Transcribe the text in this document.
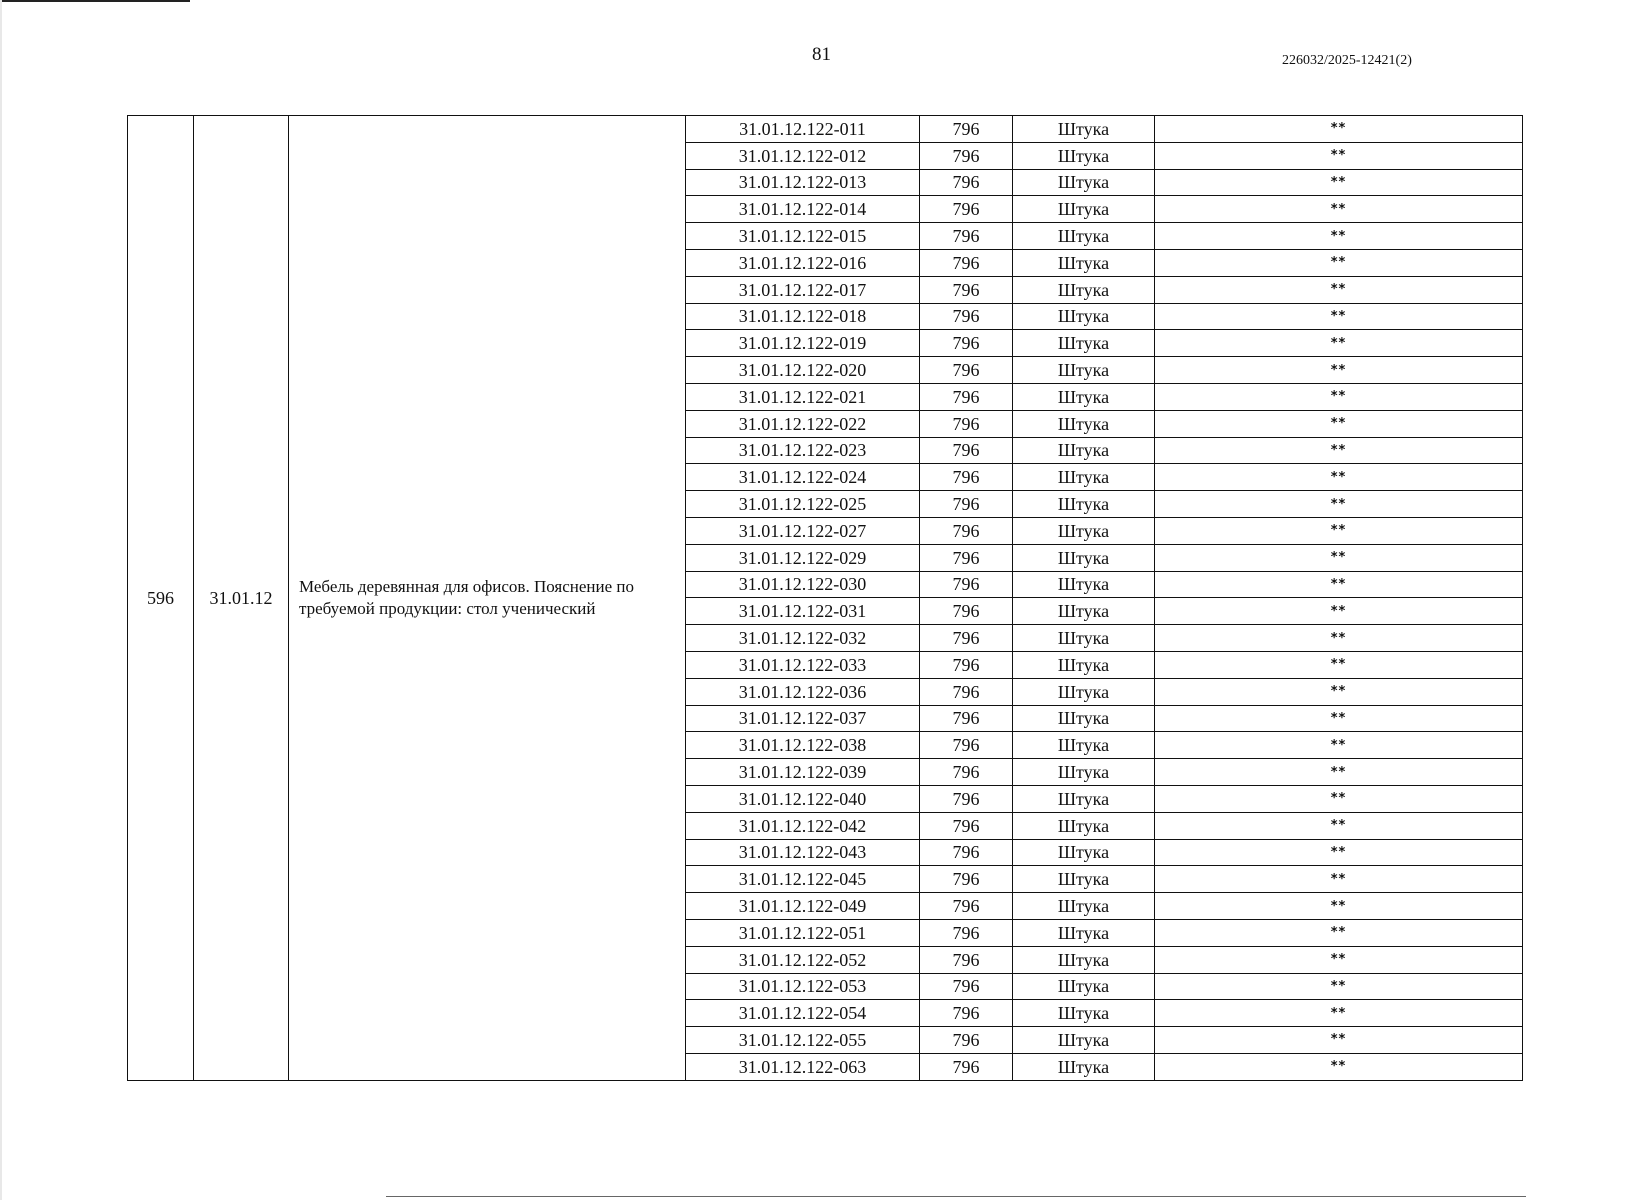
81	226032/2025-12421(2)
596	31.01.12	Мебель деревянная для офисов. Пояснение по требуемой продукции: стол ученический	31.01.12.122-011	796	Штука	**
			31.01.12.122-012	796	Штука	**
			31.01.12.122-013	796	Штука	**
			31.01.12.122-014	796	Штука	**
			31.01.12.122-015	796	Штука	**
			31.01.12.122-016	796	Штука	**
			31.01.12.122-017	796	Штука	**
			31.01.12.122-018	796	Штука	**
			31.01.12.122-019	796	Штука	**
			31.01.12.122-020	796	Штука	**
			31.01.12.122-021	796	Штука	**
			31.01.12.122-022	796	Штука	**
			31.01.12.122-023	796	Штука	**
			31.01.12.122-024	796	Штука	**
			31.01.12.122-025	796	Штука	**
			31.01.12.122-027	796	Штука	**
			31.01.12.122-029	796	Штука	**
			31.01.12.122-030	796	Штука	**
			31.01.12.122-031	796	Штука	**
			31.01.12.122-032	796	Штука	**
			31.01.12.122-033	796	Штука	**
			31.01.12.122-036	796	Штука	**
			31.01.12.122-037	796	Штука	**
			31.01.12.122-038	796	Штука	**
			31.01.12.122-039	796	Штука	**
			31.01.12.122-040	796	Штука	**
			31.01.12.122-042	796	Штука	**
			31.01.12.122-043	796	Штука	**
			31.01.12.122-045	796	Штука	**
			31.01.12.122-049	796	Штука	**
			31.01.12.122-051	796	Штука	**
			31.01.12.122-052	796	Штука	**
			31.01.12.122-053	796	Штука	**
			31.01.12.122-054	796	Штука	**
			31.01.12.122-055	796	Штука	**
			31.01.12.122-063	796	Штука	**
